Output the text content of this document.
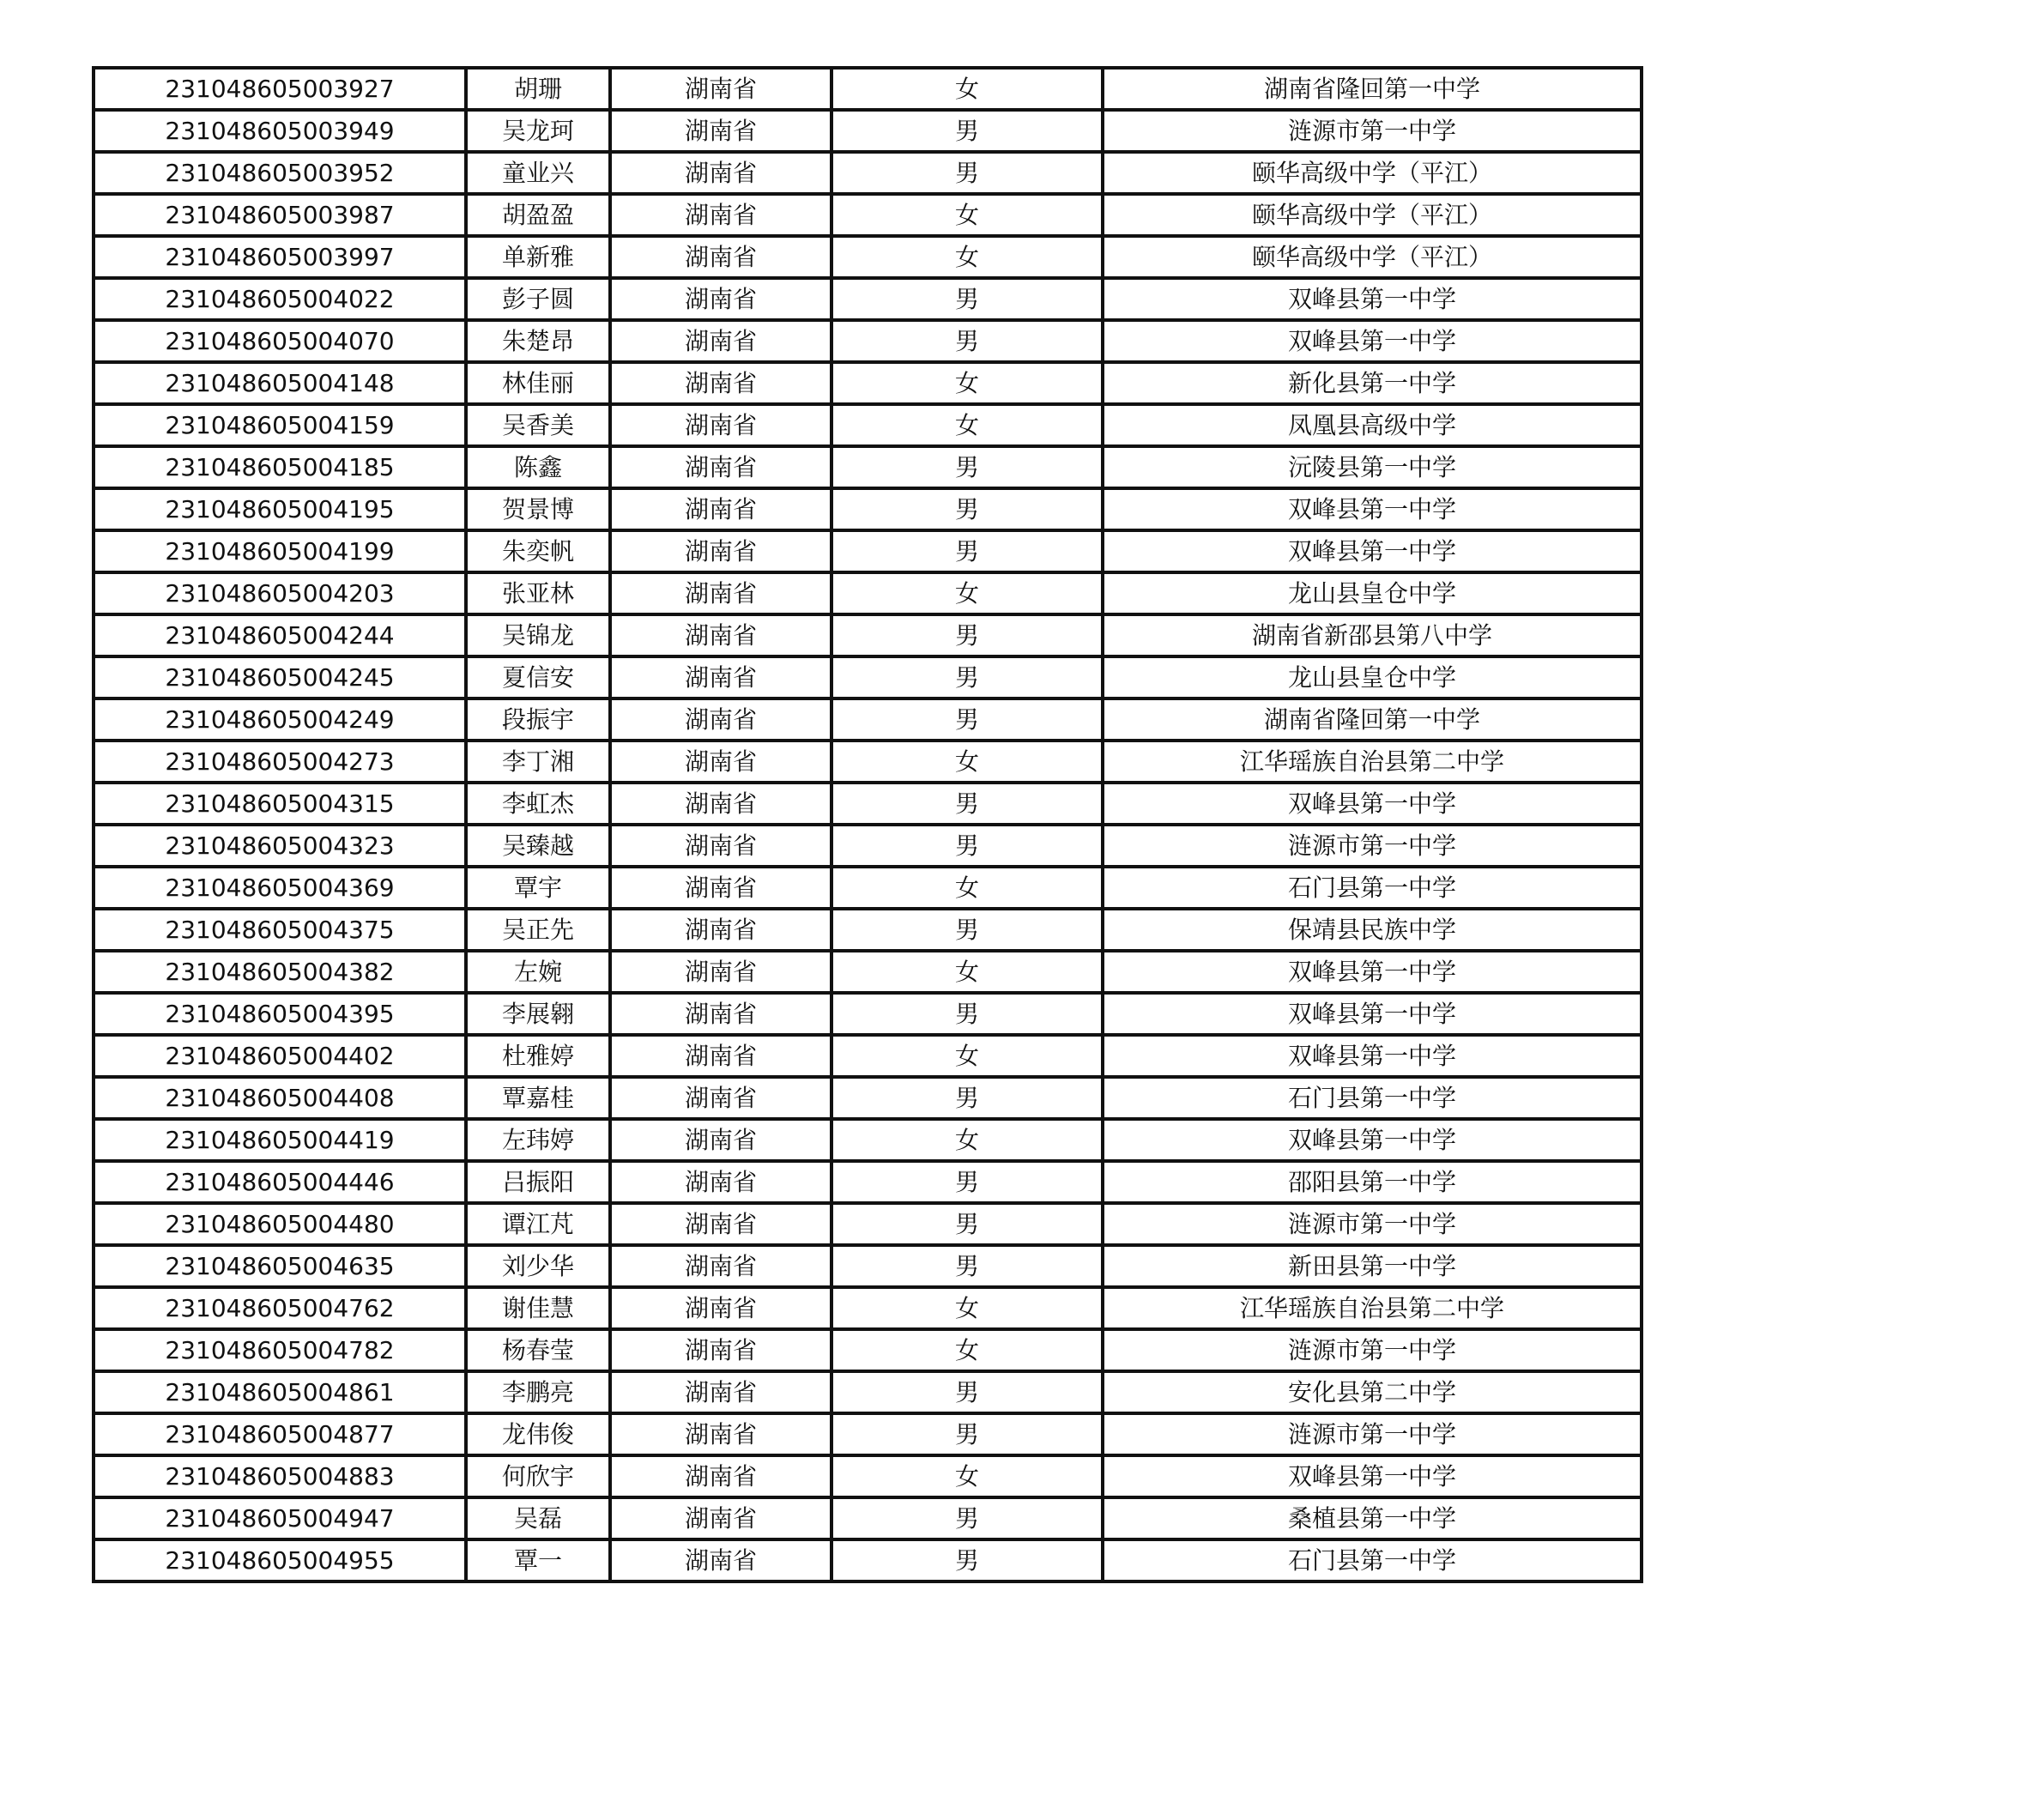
231048605003927	胡珊	湖南省	女	湖南省隆回第一中学
231048605003949	吴龙珂	湖南省	男	涟源市第一中学
231048605003952	童业兴	湖南省	男	颐华高级中学（平江）
231048605003987	胡盈盈	湖南省	女	颐华高级中学（平江）
231048605003997	单新雅	湖南省	女	颐华高级中学（平江）
231048605004022	彭子圆	湖南省	男	双峰县第一中学
231048605004070	朱楚昂	湖南省	男	双峰县第一中学
231048605004148	林佳丽	湖南省	女	新化县第一中学
231048605004159	吴香美	湖南省	女	凤凰县高级中学
231048605004185	陈鑫	湖南省	男	沅陵县第一中学
231048605004195	贺景博	湖南省	男	双峰县第一中学
231048605004199	朱奕帆	湖南省	男	双峰县第一中学
231048605004203	张亚林	湖南省	女	龙山县皇仓中学
231048605004244	吴锦龙	湖南省	男	湖南省新邵县第八中学
231048605004245	夏信安	湖南省	男	龙山县皇仓中学
231048605004249	段振宇	湖南省	男	湖南省隆回第一中学
231048605004273	李丁湘	湖南省	女	江华瑶族自治县第二中学
231048605004315	李虹杰	湖南省	男	双峰县第一中学
231048605004323	吴臻越	湖南省	男	涟源市第一中学
231048605004369	覃宇	湖南省	女	石门县第一中学
231048605004375	吴正先	湖南省	男	保靖县民族中学
231048605004382	左婉	湖南省	女	双峰县第一中学
231048605004395	李展翱	湖南省	男	双峰县第一中学
231048605004402	杜雅婷	湖南省	女	双峰县第一中学
231048605004408	覃嘉桂	湖南省	男	石门县第一中学
231048605004419	左玮婷	湖南省	女	双峰县第一中学
231048605004446	吕振阳	湖南省	男	邵阳县第一中学
231048605004480	谭江芃	湖南省	男	涟源市第一中学
231048605004635	刘少华	湖南省	男	新田县第一中学
231048605004762	谢佳慧	湖南省	女	江华瑶族自治县第二中学
231048605004782	杨春莹	湖南省	女	涟源市第一中学
231048605004861	李鹏亮	湖南省	男	安化县第二中学
231048605004877	龙伟俊	湖南省	男	涟源市第一中学
231048605004883	何欣宇	湖南省	女	双峰县第一中学
231048605004947	吴磊	湖南省	男	桑植县第一中学
231048605004955	覃一	湖南省	男	石门县第一中学
